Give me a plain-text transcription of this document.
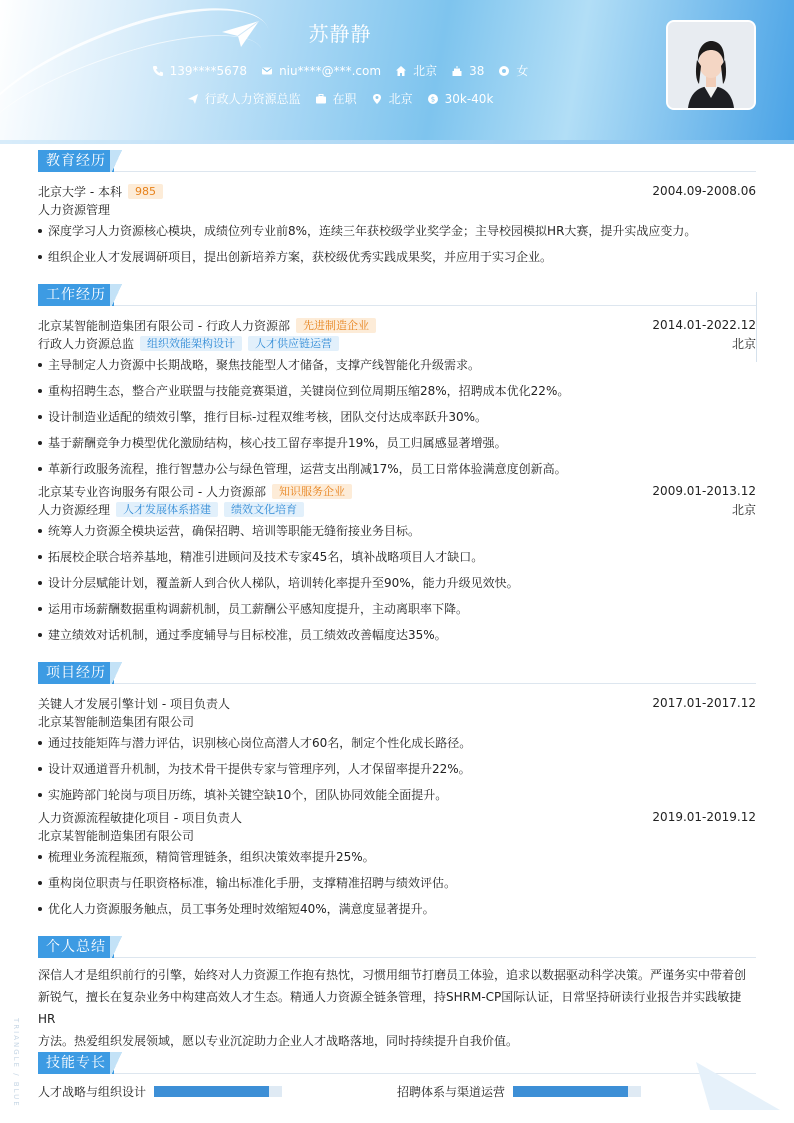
苏静静
139****5678	niu****@***.com	北京	38	女
行政人力资源总监	在职	北京	$ 30k-40k
教育经历
北京大学 - 本科	985	2004.09-2008.06
人力资源管理
深度学习人力资源核心模块，成绩位列专业前8%，连续三年获校级学业奖学金；主导校园模拟HR大赛，提升实战应变力。
组织企业人才发展调研项目，提出创新培养方案，获校级优秀实践成果奖，并应用于实习企业。
工作经历
北京某智能制造集团有限公司 - 行政人力资源部	先进制造企业	2014.01-2022.12
行政人力资源总监	组织效能架构设计	人才供应链运营	北京
主导制定人力资源中长期战略，聚焦技能型人才储备，支撑产线智能化升级需求。
重构招聘生态，整合产业联盟与技能竞赛渠道，关键岗位到位周期压缩28%，招聘成本优化22%。
设计制造业适配的绩效引擎，推行目标-过程双维考核，团队交付达成率跃升30%。
基于薪酬竞争力模型优化激励结构，核心技工留存率提升19%，员工归属感显著增强。
革新行政服务流程，推行智慧办公与绿色管理，运营支出削减17%，员工日常体验满意度创新高。
北京某专业咨询服务有限公司 - 人力资源部	知识服务企业	2009.01-2013.12
人力资源经理	人才发展体系搭建	绩效文化培育	北京
统筹人力资源全模块运营，确保招聘、培训等职能无缝衔接业务目标。
拓展校企联合培养基地，精准引进顾问及技术专家45名，填补战略项目人才缺口。
设计分层赋能计划，覆盖新人到合伙人梯队，培训转化率提升至90%，能力升级见效快。
运用市场薪酬数据重构调薪机制，员工薪酬公平感知度提升，主动离职率下降。
建立绩效对话机制，通过季度辅导与目标校准，员工绩效改善幅度达35%。
项目经历
关键人才发展引擎计划 - 项目负责人	2017.01-2017.12
北京某智能制造集团有限公司
通过技能矩阵与潜力评估，识别核心岗位高潜人才60名，制定个性化成长路径。
设计双通道晋升机制，为技术骨干提供专家与管理序列，人才保留率提升22%。
实施跨部门轮岗与项目历练，填补关键空缺10个，团队协同效能全面提升。
人力资源流程敏捷化项目 - 项目负责人	2019.01-2019.12
北京某智能制造集团有限公司
梳理业务流程瓶颈，精简管理链条，组织决策效率提升25%。
重构岗位职责与任职资格标准，输出标准化手册，支撑精准招聘与绩效评估。
优化人力资源服务触点，员工事务处理时效缩短40%，满意度显著提升。
个人总结
深信人才是组织前行的引擎，始终对人力资源工作抱有热忱，习惯用细节打磨员工体验，追求以数据驱动科学决策。严谨务实中带着创
新锐气，擅长在复杂业务中构建高效人才生态。精通人力资源全链条管理，持SHRM-CP国际认证，日常坚持研读行业报告并实践敏捷HR
方法。热爱组织发展领域，愿以专业沉淀助力企业人才战略落地，同时持续提升自我价值。
技能专长
人才战略与组织设计	招聘体系与渠道运营
TRIANGLE / BLUE
